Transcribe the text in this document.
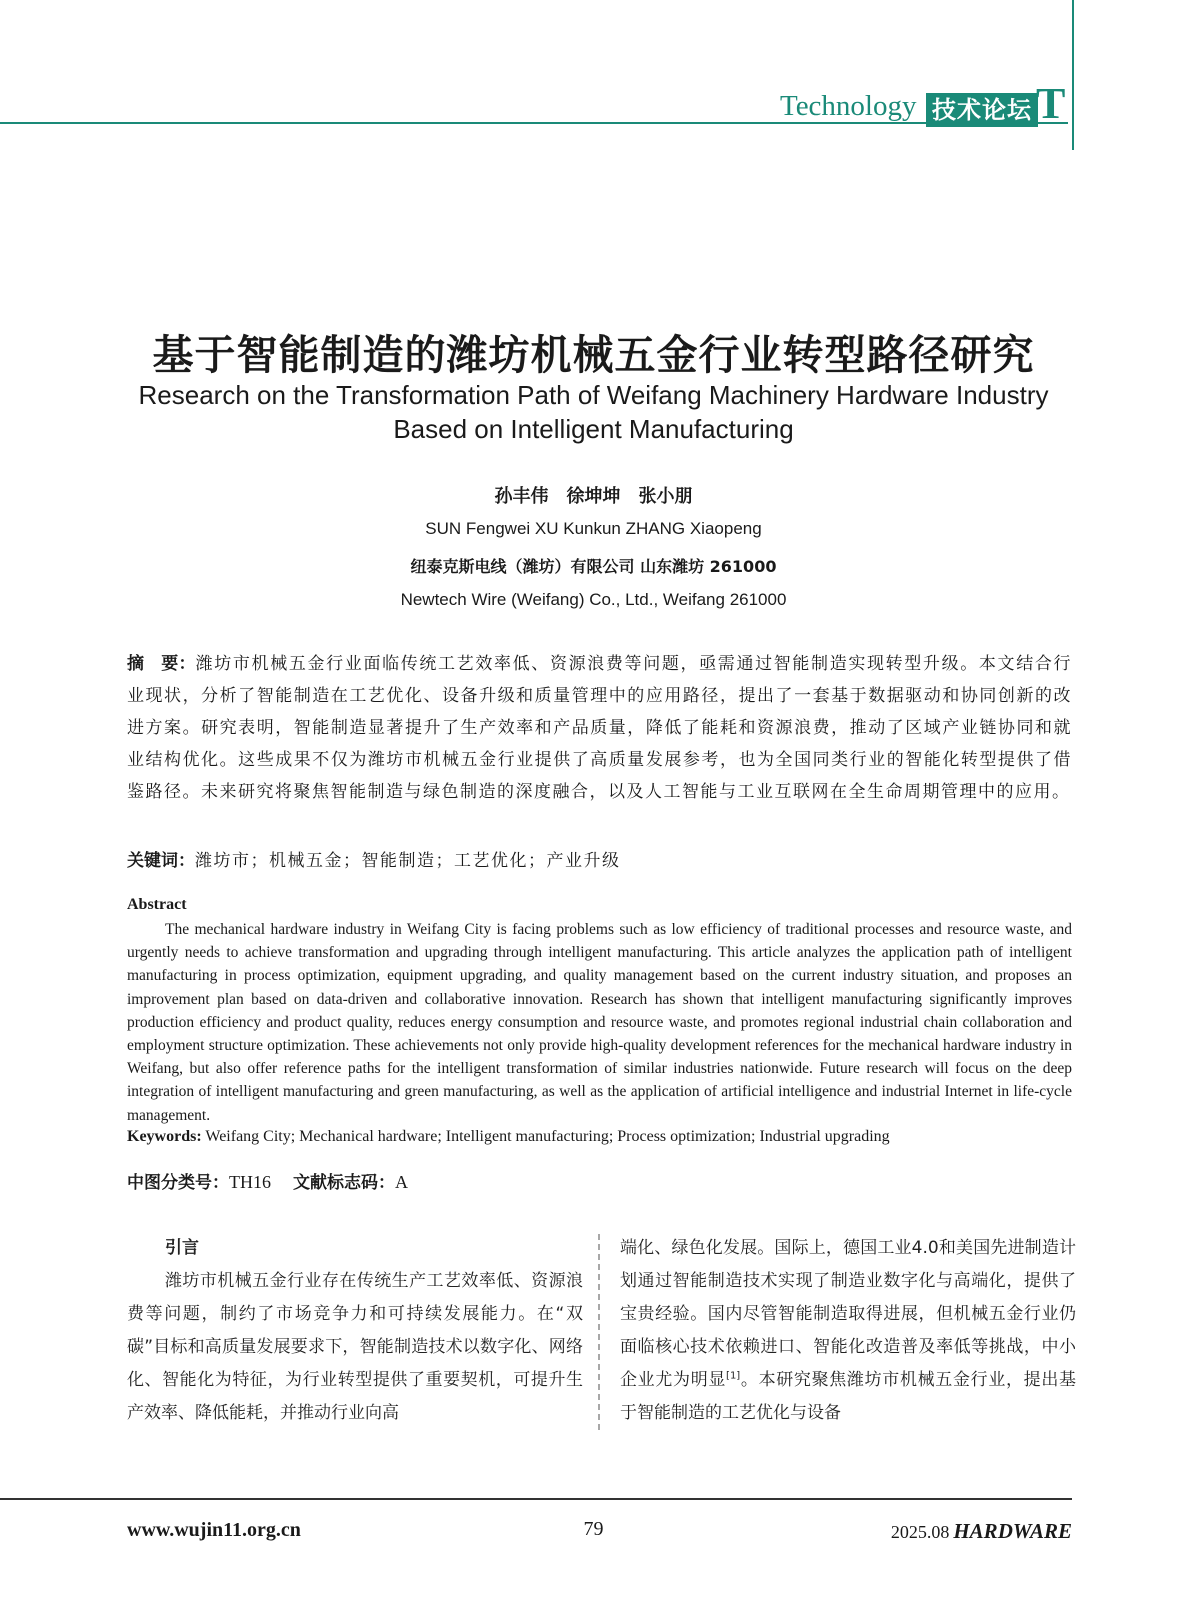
Technology 技术论坛 T
基于智能制造的潍坊机械五金行业转型路径研究
Research on the Transformation Path of Weifang Machinery Hardware Industry
Based on Intelligent Manufacturing
孙丰伟　徐坤坤　张小朋
SUN Fengwei XU Kunkun ZHANG Xiaopeng
纽泰克斯电线（潍坊）有限公司 山东潍坊 261000
Newtech Wire (Weifang) Co., Ltd., Weifang 261000
摘　要：潍坊市机械五金行业面临传统工艺效率低、资源浪费等问题，亟需通过智能制造实现转型升级。本文结合行业现状，分析了智能制造在工艺优化、设备升级和质量管理中的应用路径，提出了一套基于数据驱动和协同创新的改进方案。研究表明，智能制造显著提升了生产效率和产品质量，降低了能耗和资源浪费，推动了区域产业链协同和就业结构优化。这些成果不仅为潍坊市机械五金行业提供了高质量发展参考，也为全国同类行业的智能化转型提供了借鉴路径。未来研究将聚焦智能制造与绿色制造的深度融合，以及人工智能与工业互联网在全生命周期管理中的应用。
关键词：潍坊市；机械五金；智能制造；工艺优化；产业升级
Abstract
The mechanical hardware industry in Weifang City is facing problems such as low efficiency of traditional processes and resource waste, and urgently needs to achieve transformation and upgrading through intelligent manufacturing. This article analyzes the application path of intelligent manufacturing in process optimization, equipment upgrading, and quality management based on the current industry situation, and proposes an improvement plan based on data-driven and collaborative innovation. Research has shown that intelligent manufacturing significantly improves production efficiency and product quality, reduces energy consumption and resource waste, and promotes regional industrial chain collaboration and employment structure optimization. These achievements not only provide high-quality development references for the mechanical hardware industry in Weifang, but also offer reference paths for the intelligent transformation of similar industries nationwide. Future research will focus on the deep integration of intelligent manufacturing and green manufacturing, as well as the application of artificial intelligence and industrial Internet in life-cycle management.
Keywords: Weifang City; Mechanical hardware; Intelligent manufacturing; Process optimization; Industrial upgrading
中图分类号：TH16 文献标志码：A
引言
潍坊市机械五金行业存在传统生产工艺效率低、资源浪费等问题，制约了市场竞争力和可持续发展能力。在“双碳”目标和高质量发展要求下，智能制造技术以数字化、网络化、智能化为特征，为行业转型提供了重要契机，可提升生产效率、降低能耗，并推动行业向高
端化、绿色化发展。国际上，德国工业4.0和美国先进制造计划通过智能制造技术实现了制造业数字化与高端化，提供了宝贵经验。国内尽管智能制造取得进展，但机械五金行业仍面临核心技术依赖进口、智能化改造普及率低等挑战，中小企业尤为明显[1]。本研究聚焦潍坊市机械五金行业，提出基于智能制造的工艺优化与设备
www.wujin11.org.cn	79	2025.08 HARDWARE
